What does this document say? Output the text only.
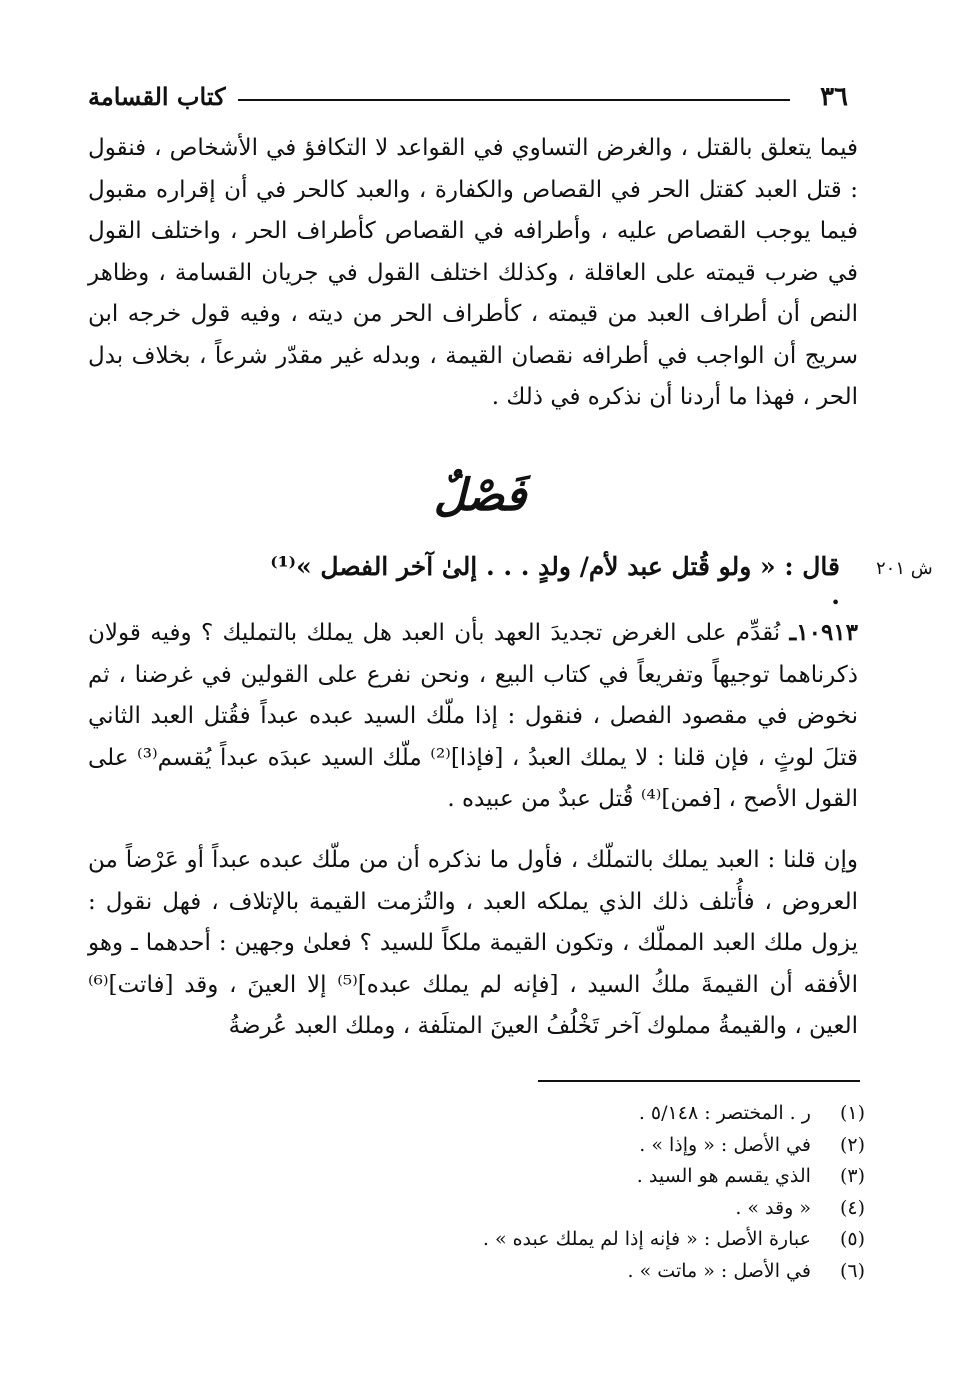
٣٦
كتاب القسامة
فيما يتعلق بالقتل ، والغرض التساوي في القواعد لا التكافؤ في الأشخاص ، فنقول : قتل العبد كقتل الحر في القصاص والكفارة ، والعبد كالحر في أن إقراره مقبول فيما يوجب القصاص عليه ، وأطرافه في القصاص كأطراف الحر ، واختلف القول في ضرب قيمته على العاقلة ، وكذلك اختلف القول في جريان القسامة ، وظاهر النص أن أطراف العبد من قيمته ، كأطراف الحر من ديته ، وفيه قول خرجه ابن سريج أن الواجب في أطرافه نقصان القيمة ، وبدله غير مقدّر شرعاً ، بخلاف بدل الحر ، فهذا ما أردنا أن نذكره في ذلك .
فَصْلٌ
ش ٢٠١
قال : « ولو قُتل عبد لأم/ ولدٍ . . . إلىٰ آخر الفصل »⁽¹⁾ .
١٠٩١٣ـ نُقدِّم على الغرض تجديدَ العهد بأن العبد هل يملك بالتمليك ؟ وفيه قولان ذكرناهما توجيهاً وتفريعاً في كتاب البيع ، ونحن نفرع على القولين في غرضنا ، ثم نخوض في مقصود الفصل ، فنقول : إذا ملّك السيد عبده عبداً فقُتل العبد الثاني قتلَ لوثٍ ، فإن قلنا : لا يملك العبدُ ، [فإذا]⁽²⁾ ملّك السيد عبدَه عبداً يُقسم⁽³⁾ على القول الأصح ، [فمن]⁽⁴⁾ قُتل عبدٌ من عبيده .
وإن قلنا : العبد يملك بالتملّك ، فأول ما نذكره أن من ملّك عبده عبداً أو عَرْضاً من العروض ، فأُتلف ذلك الذي يملكه العبد ، والتُزمت القيمة بالإتلاف ، فهل نقول : يزول ملك العبد المملّك ، وتكون القيمة ملكاً للسيد ؟ فعلىٰ وجهين : أحدهما ـ وهو الأفقه أن القيمةَ ملكُ السيد ، [فإنه لم يملك عبده]⁽⁵⁾ إلا العينَ ، وقد [فاتت]⁽⁶⁾ العين ، والقيمةُ مملوك آخر تَخْلُفُ العينَ المتلَفة ، وملك العبد عُرضةُ
(١) ر . المختصر : ٥/١٤٨ .
(٢) في الأصل : « وإذا » .
(٣) الذي يقسم هو السيد .
(٤) « وقد » .
(٥) عبارة الأصل : « فإنه إذا لم يملك عبده » .
(٦) في الأصل : « ماتت » .
